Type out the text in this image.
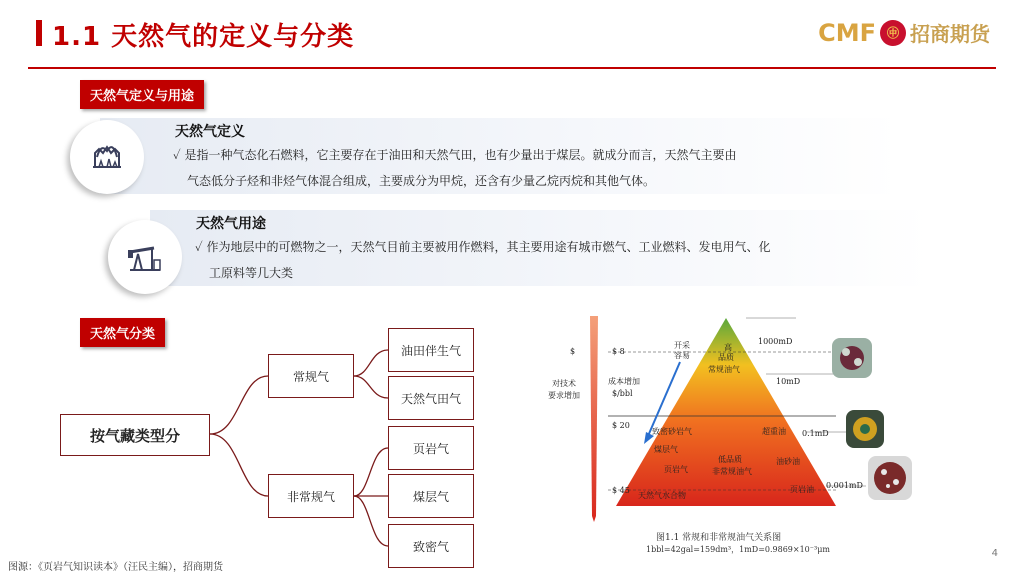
1.1 天然气的定义与分类	CMF ㊥ 招商期货
天然气定义与用途
天然气定义
✓ 是指一种气态化石燃料，它主要存在于油田和天然气田，也有少量出于煤层。就成分而言，天然气主要由
气态低分子烃和非烃气体混合组成，主要成分为甲烷，还含有少量乙烷丙烷和其他气体。
天然气用途
✓ 作为地层中的可燃物之一，天然气目前主要被用作燃料，其主要用途有城市燃气、工业燃料、发电用气、化
工原料等几大类
天然气分类
按气藏类型分
常规气
非常规气
油田伴生气
天然气田气
页岩气
煤层气
致密气
$	$ 8
$ 20
$ 45
对技术
要求增加
成本增加
$/bbl
开采
容易
高
品质
常规油气
致密砂岩气	超重油
煤层气
页岩气
低品质
非常规油气
油砂油
天然气水合物
页岩油
1000mD
10mD
0.1mD
0.001mD
图1.1 常规和非常规油气关系图
1bbl=42gal=159dm³，1mD=0.9869×10⁻³μm
图源：《页岩气知识读本》（汪民主编），招商期货
4
